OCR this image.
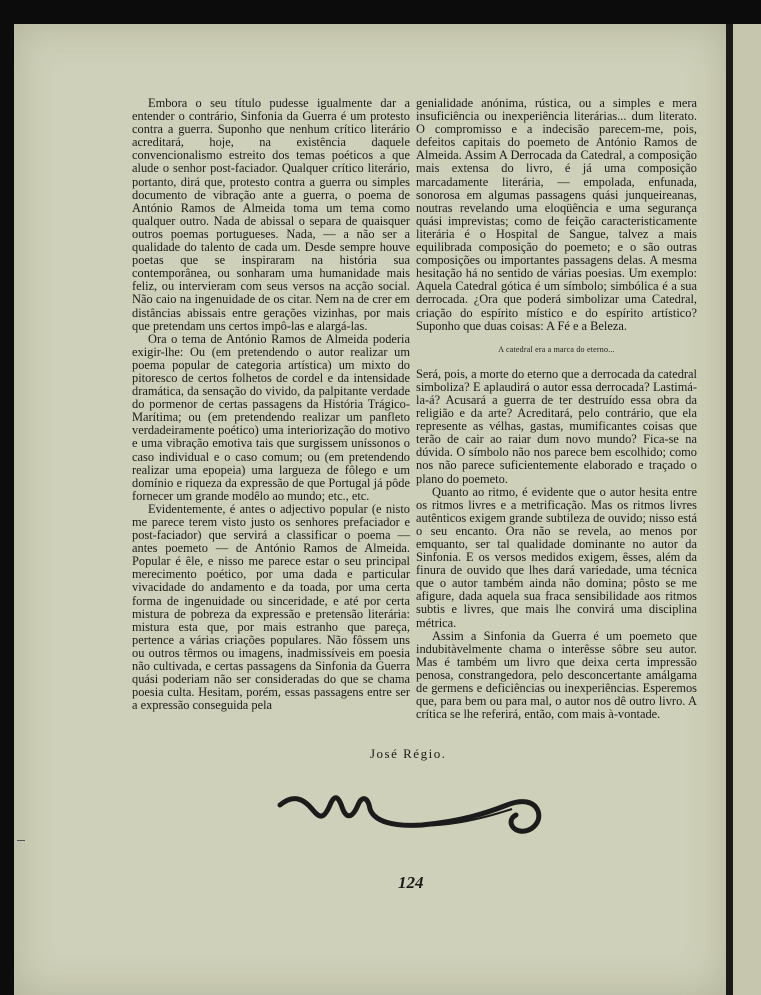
Embora o seu título pudesse igualmente dar a entender o contrário, Sinfonia da Guerra é um protesto contra a guerra. Suponho que nenhum crítico literário acreditará, hoje, na existência daquele convencionalismo estreito dos temas poéticos a que alude o senhor post-faciador. Qualquer crítico literário, portanto, dirá que, protesto contra a guerra ou simples documento de vibração ante a guerra, o poema de António Ramos de Almeida toma um tema como qualquer outro. Nada de abissal o separa de quaisquer outros poemas portugueses. Nada, — a não ser a qualidade do talento de cada um. Desde sempre houve poetas que se inspiraram na história sua contemporânea, ou sonharam uma humanidade mais feliz, ou intervieram com seus versos na acção social. Não caio na ingenuidade de os citar. Nem na de crer em distâncias abissais entre gerações vizinhas, por mais que pretendam uns certos impô-las e alargá-las.

Ora o tema de António Ramos de Almeida poderia exigir-lhe: Ou (em pretendendo o autor realizar um poema popular de categoria artística) um mixto do pitoresco de certos folhetos de cordel e da intensidade dramática, da sensação do vivido, da palpitante verdade do pormenor de certas passagens da História Trágico-Marítima; ou (em pretendendo realizar um panfleto verdadeiramente poético) uma interiorização do motivo e uma vibração emotiva tais que surgissem uníssonos o caso individual e o caso comum; ou (em pretendendo realizar uma epopeia) uma largueza de fôlego e um domínio e riqueza da expressão de que Portugal já pôde fornecer um grande modêlo ao mundo; etc., etc.

Evidentemente, é antes o adjectivo popular (e nisto me parece terem visto justo os senhores prefaciador e post-faciador) que servirá a classificar o poema — antes poemeto — de António Ramos de Almeida. Popular é êle, e nisso me parece estar o seu principal merecimento poético, por uma dada e particular vivacidade do andamento e da toada, por uma certa forma de ingenuidade ou sinceridade, e até por certa mistura de pobreza da expressão e pretensão literária: mistura esta que, por mais estranho que pareça, pertence a várias criações populares. Não fôssem uns ou outros têrmos ou imagens, inadmissíveis em poesia não cultivada, e certas passagens da Sinfonia da Guerra quási poderiam não ser consideradas do que se chama poesia culta. Hesitam, porém, essas passagens entre ser a expressão conseguida pela

genialidade anónima, rústica, ou a simples e mera insuficiência ou inexperiência literárias... dum literato. O compromisso e a indecisão parecem-me, pois, defeitos capitais do poemeto de António Ramos de Almeida. Assim A Derrocada da Catedral, a composição mais extensa do livro, é já uma composição marcadamente literária, — empolada, enfunada, sonorosa em algumas passagens quási junqueireanas, noutras revelando uma eloqüência e uma segurança quási imprevistas; como de feição caracteristicamente literária é o Hospital de Sangue, talvez a mais equilibrada composição do poemeto; e o são outras composições ou importantes passagens delas. A mesma hesitação há no sentido de várias poesias. Um exemplo: Aquela Catedral gótica é um símbolo; simbólica é a sua derrocada. ¿Ora que poderá simbolizar uma Catedral, criação do espírito místico e do espírito artístico? Suponho que duas coisas: A Fé e a Beleza.

A catedral era a marca do eterno...

Será, pois, a morte do eterno que a derrocada da catedral simboliza? E aplaudirá o autor essa derrocada? Lastimá-la-á? Acusará a guerra de ter destruído essa obra da religião e da arte? Acreditará, pelo contrário, que ela represente as vélhas, gastas, mumificantes coisas que terão de cair ao raiar dum novo mundo? Fica-se na dúvida. O símbolo não nos parece bem escolhido; como nos não parece suficientemente elaborado e traçado o plano do poemeto.

Quanto ao ritmo, é evidente que o autor hesita entre os ritmos livres e a metrificação. Mas os ritmos livres autênticos exigem grande subtileza de ouvido; nisso está o seu encanto. Ora não se revela, ao menos por emquanto, ser tal qualidade dominante no autor da Sinfonia. E os versos medidos exigem, êsses, além da finura de ouvido que lhes dará variedade, uma técnica que o autor também ainda não domina; pôsto se me afigure, dada aquela sua fraca sensibilidade aos ritmos subtis e livres, que mais lhe convirá uma disciplina métrica.

Assim a Sinfonia da Guerra é um poemeto que indubitàvelmente chama o interêsse sôbre seu autor. Mas é também um livro que deixa certa impressão penosa, constrangedora, pelo desconcertante amálgama de germens e deficiências ou inexperiências. Esperemos que, para bem ou para mal, o autor nos dê outro livro. A crítica se lhe referirá, então, com mais à-vontade.

José Régio.
124
